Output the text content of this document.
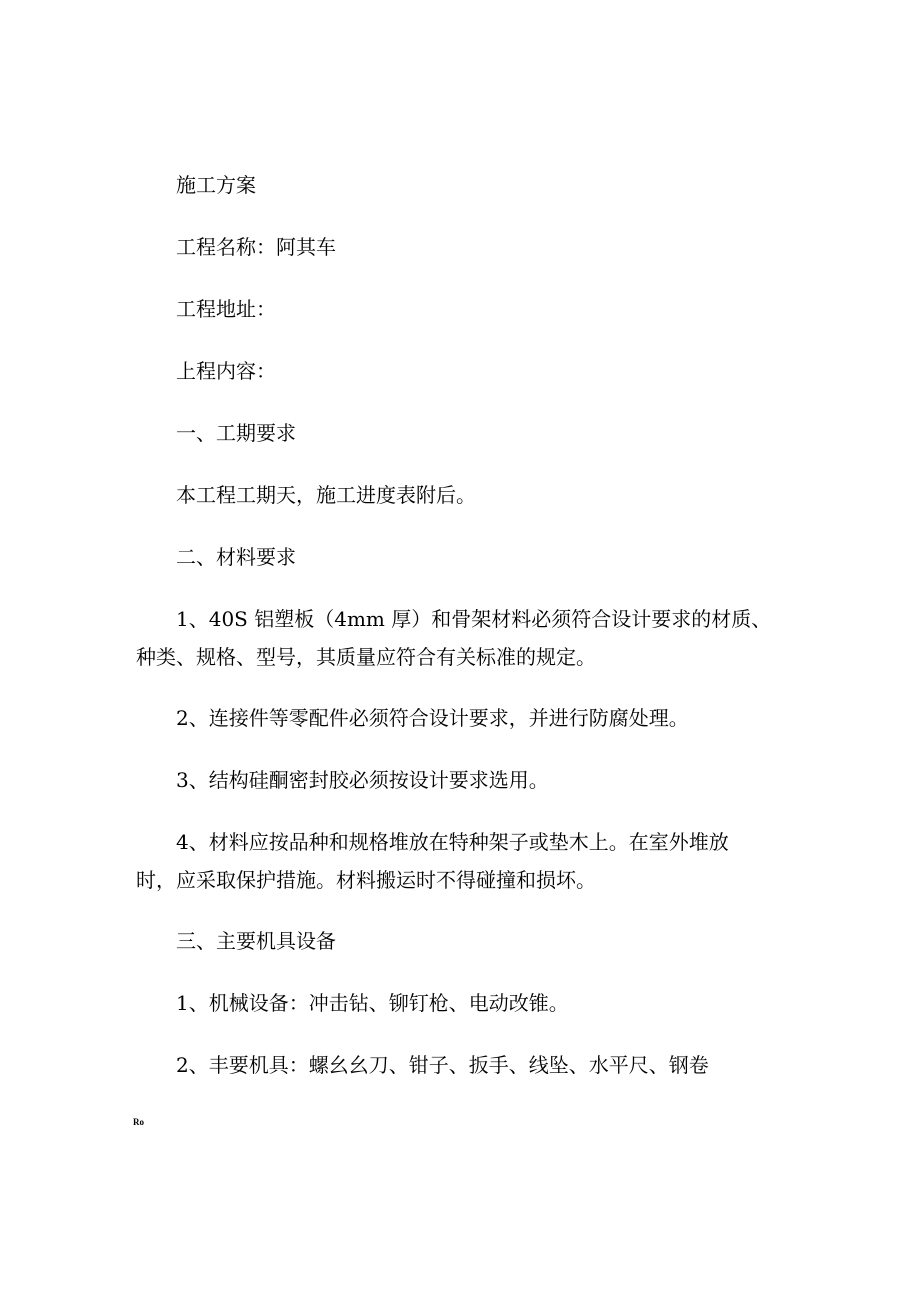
施工方案

工程名称：阿其车

工程地址：

上程内容：

一、工期要求

本工程工期天，施工进度表附后。

二、材料要求

1、40S 铝塑板（4mm 厚）和骨架材料必须符合设计要求的材质、
种类、规格、型号，其质量应符合有关标准的规定。

2、连接件等零配件必须符合设计要求，并进行防腐处理。

3、结构硅酮密封胶必须按设计要求选用。

4、材料应按品种和规格堆放在特种架子或垫木上。在室外堆放
时，应采取保护措施。材料搬运时不得碰撞和损坏。

三、主要机具设备

1、机械设备：冲击钻、铆钉枪、电动改锥。

2、丰要机具：螺幺幺刀、钳子、扳手、线坠、水平尺、钢卷

Ro
